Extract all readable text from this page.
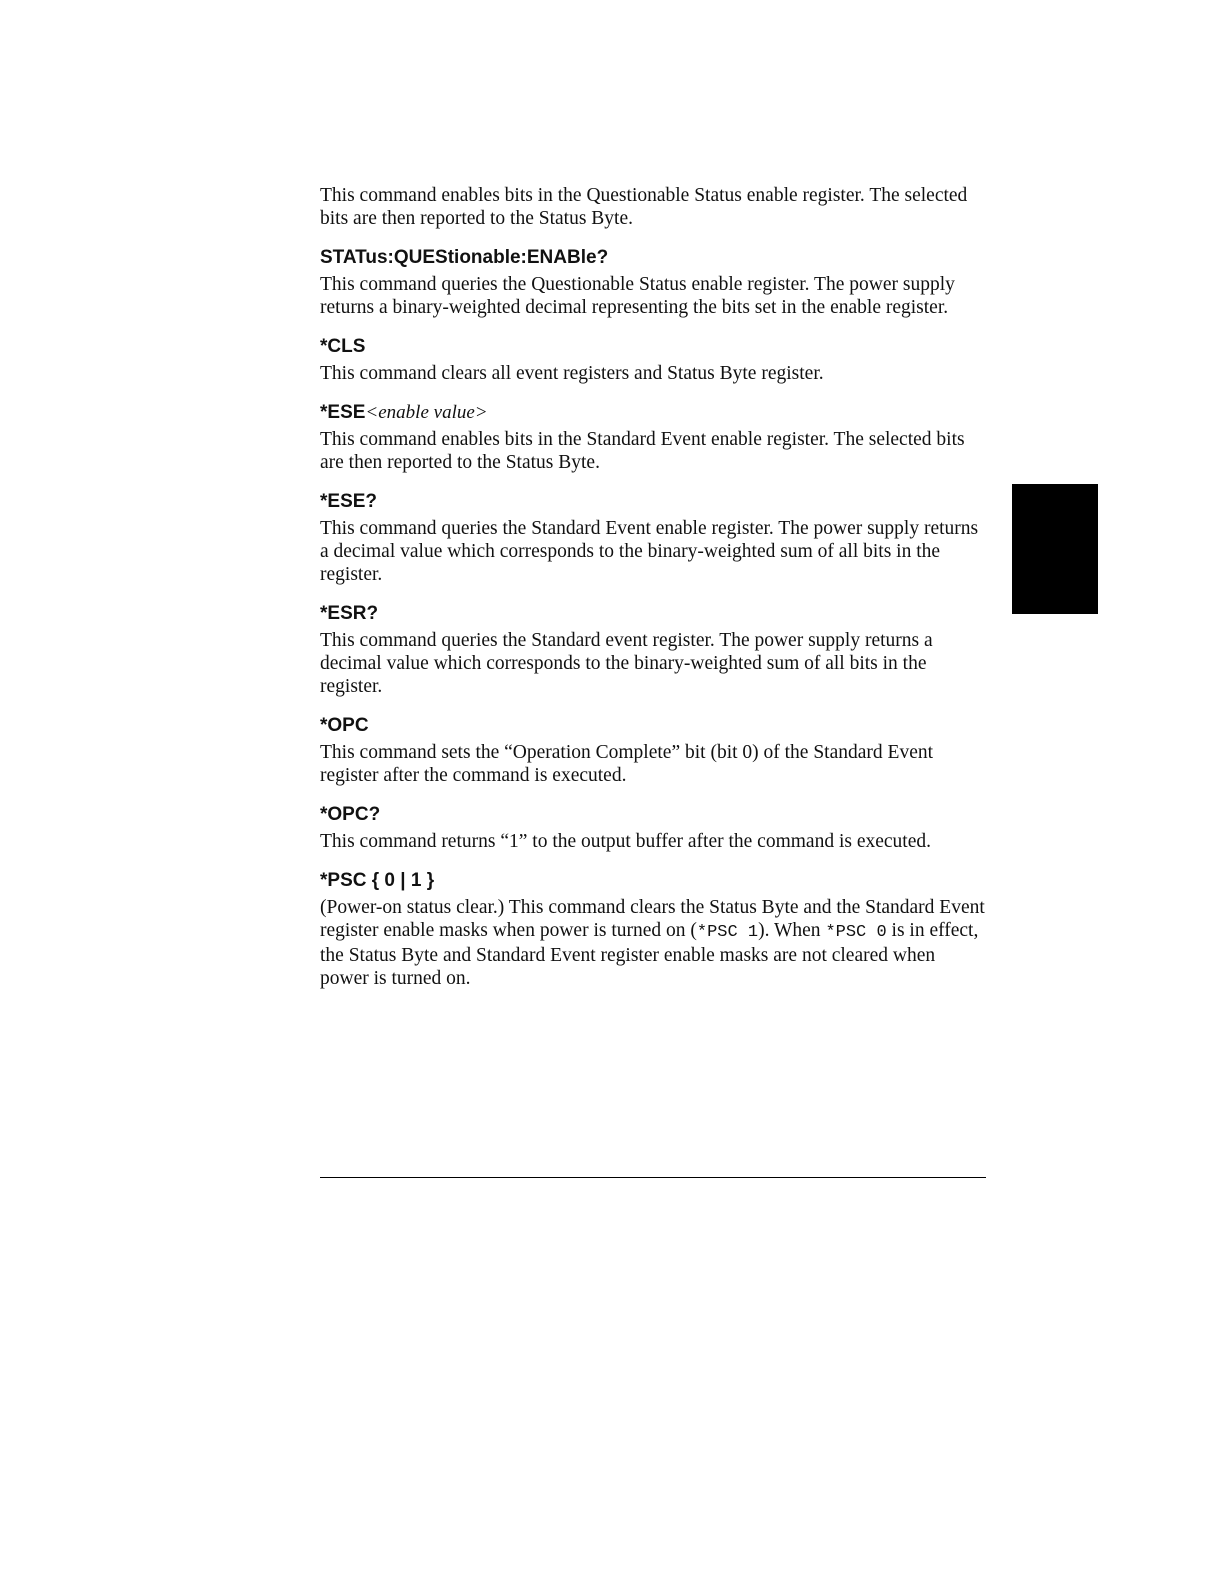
This command enables bits in the Questionable Status enable register. The selected bits are then reported to the Status Byte.

STATus:QUEStionable:ENABle?

This command queries the Questionable Status enable register. The power supply returns a binary-weighted decimal representing the bits set in the enable register.

*CLS

This command clears all event registers and Status Byte register.

*ESE<enable value>

This command enables bits in the Standard Event enable register. The selected bits are then reported to the Status Byte.

*ESE?

This command queries the Standard Event enable register. The power supply returns a decimal value which corresponds to the binary-weighted sum of all bits in the register.

*ESR?

This command queries the Standard event register. The power supply returns a decimal value which corresponds to the binary-weighted sum of all bits in the register.

*OPC

This command sets the “Operation Complete” bit (bit 0) of the Standard Event register after the command is executed.

*OPC?

This command returns “1” to the output buffer after the command is executed.

*PSC { 0 | 1 }

(Power-on status clear.) This command clears the Status Byte and the Standard Event register enable masks when power is turned on (*PSC 1). When *PSC 0 is in effect, the Status Byte and Standard Event register enable masks are not cleared when power is turned on.
